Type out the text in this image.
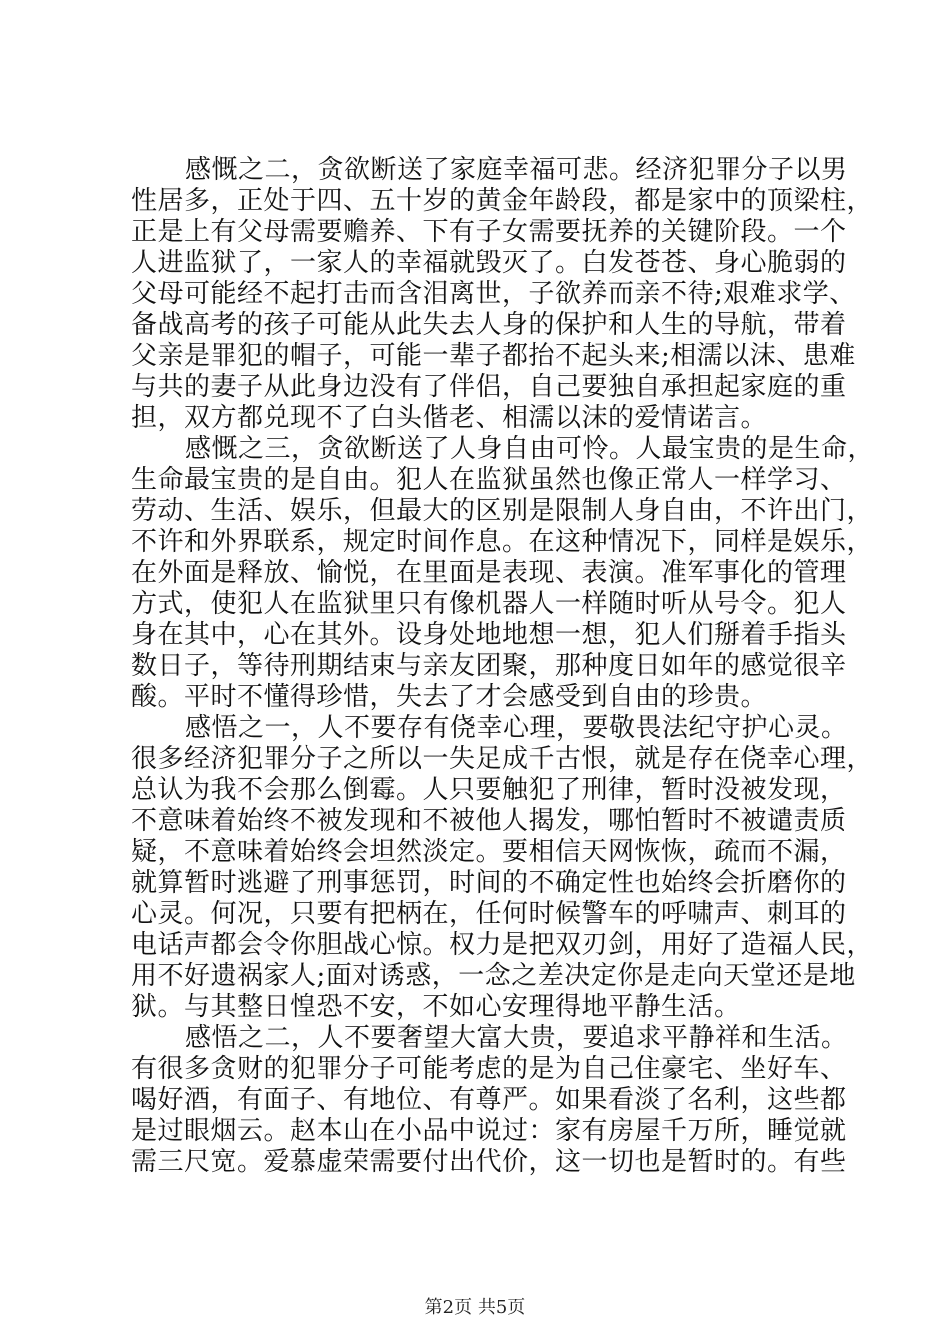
感慨之二，贪欲断送了家庭幸福可悲。经济犯罪分子以男
性居多，正处于四、五十岁的黄金年龄段，都是家中的顶梁柱，
正是上有父母需要赡养、下有子女需要抚养的关键阶段。一个
人进监狱了，一家人的幸福就毁灭了。白发苍苍、身心脆弱的
父母可能经不起打击而含泪离世，子欲养而亲不待;艰难求学、
备战高考的孩子可能从此失去人身的保护和人生的导航，带着
父亲是罪犯的帽子，可能一辈子都抬不起头来;相濡以沫、患难
与共的妻子从此身边没有了伴侣，自己要独自承担起家庭的重
担，双方都兑现不了白头偕老、相濡以沫的爱情诺言。
感慨之三，贪欲断送了人身自由可怜。人最宝贵的是生命，
生命最宝贵的是自由。犯人在监狱虽然也像正常人一样学习、
劳动、生活、娱乐，但最大的区别是限制人身自由，不许出门，
不许和外界联系，规定时间作息。在这种情况下，同样是娱乐，
在外面是释放、愉悦，在里面是表现、表演。准军事化的管理
方式，使犯人在监狱里只有像机器人一样随时听从号令。犯人
身在其中，心在其外。设身处地地想一想，犯人们掰着手指头
数日子，等待刑期结束与亲友团聚，那种度日如年的感觉很辛
酸。平时不懂得珍惜，失去了才会感受到自由的珍贵。
感悟之一，人不要存有侥幸心理，要敬畏法纪守护心灵。
很多经济犯罪分子之所以一失足成千古恨，就是存在侥幸心理，
总认为我不会那么倒霉。人只要触犯了刑律，暂时没被发现，
不意味着始终不被发现和不被他人揭发，哪怕暂时不被谴责质
疑，不意味着始终会坦然淡定。要相信天网恢恢，疏而不漏，
就算暂时逃避了刑事惩罚，时间的不确定性也始终会折磨你的
心灵。何况，只要有把柄在，任何时候警车的呼啸声、刺耳的
电话声都会令你胆战心惊。权力是把双刃剑，用好了造福人民，
用不好遗祸家人;面对诱惑，一念之差决定你是走向天堂还是地
狱。与其整日惶恐不安，不如心安理得地平静生活。
感悟之二，人不要奢望大富大贵，要追求平静祥和生活。
有很多贪财的犯罪分子可能考虑的是为自己住豪宅、坐好车、
喝好酒，有面子、有地位、有尊严。如果看淡了名利，这些都
是过眼烟云。赵本山在小品中说过：家有房屋千万所，睡觉就
需三尺宽。爱慕虚荣需要付出代价，这一切也是暂时的。有些
第2页 共5页
